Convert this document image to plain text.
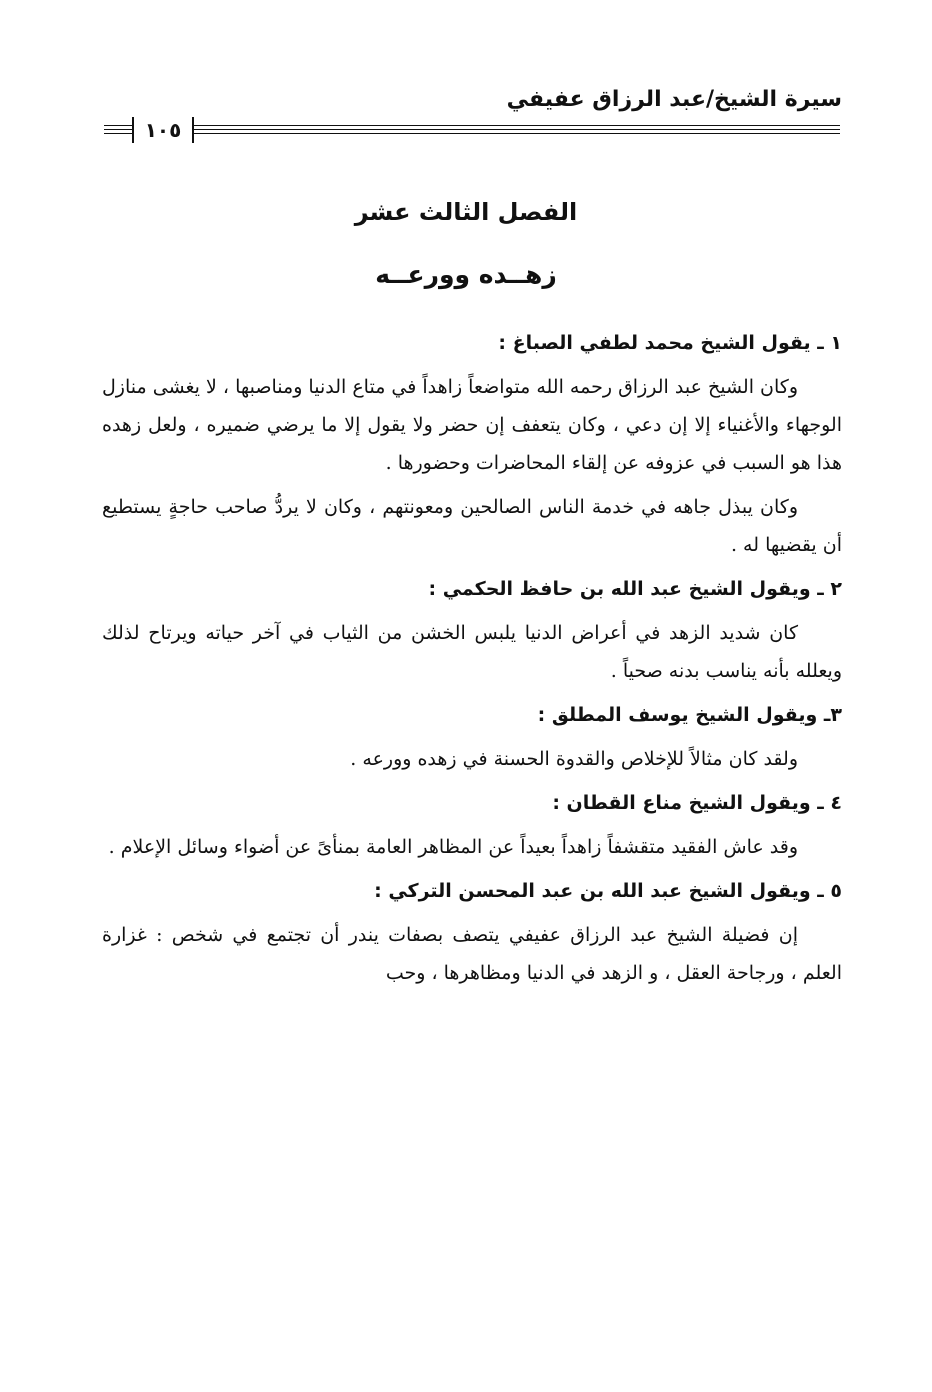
سيرة الشيخ/عبد الرزاق عفيفي
١٠٥
الفصل الثالث عشر
زهــده وورعــه
١ ـ يقول الشيخ محمد لطفي الصباغ :

وكان الشيخ عبد الرزاق رحمه الله متواضعاً زاهداً في متاع الدنيا ومناصبها ، لا يغشى منازل الوجهاء والأغنياء إلا إن دعي ، وكان يتعفف إن حضر ولا يقول إلا ما يرضي ضميره ، ولعل زهده هذا هو السبب في عزوفه عن إلقاء المحاضرات وحضورها .

وكان يبذل جاهه في خدمة الناس الصالحين ومعونتهم ، وكان لا يردُّ صاحب حاجةٍ يستطيع أن يقضيها له .

٢ ـ ويقول الشيخ عبد الله بن حافظ الحكمي :

كان شديد الزهد في أعراض الدنيا يلبس الخشن من الثياب في آخر حياته ويرتاح لذلك ويعلله بأنه يناسب بدنه صحياً .

٣ـ ويقول الشيخ يوسف المطلق :

ولقد كان مثالاً للإخلاص والقدوة الحسنة في زهده وورعه .

٤ ـ ويقول الشيخ مناع القطان :

وقد عاش الفقيد متقشفاً زاهداً بعيداً عن المظاهر العامة بمنأىً عن أضواء وسائل الإعلام .

٥ ـ ويقول الشيخ عبد الله بن عبد المحسن التركي :

إن فضيلة الشيخ عبد الرزاق عفيفي يتصف بصفات يندر أن تجتمع في شخص : غزارة العلم ، ورجاحة العقل ، و الزهد في الدنيا ومظاهرها ، وحب
